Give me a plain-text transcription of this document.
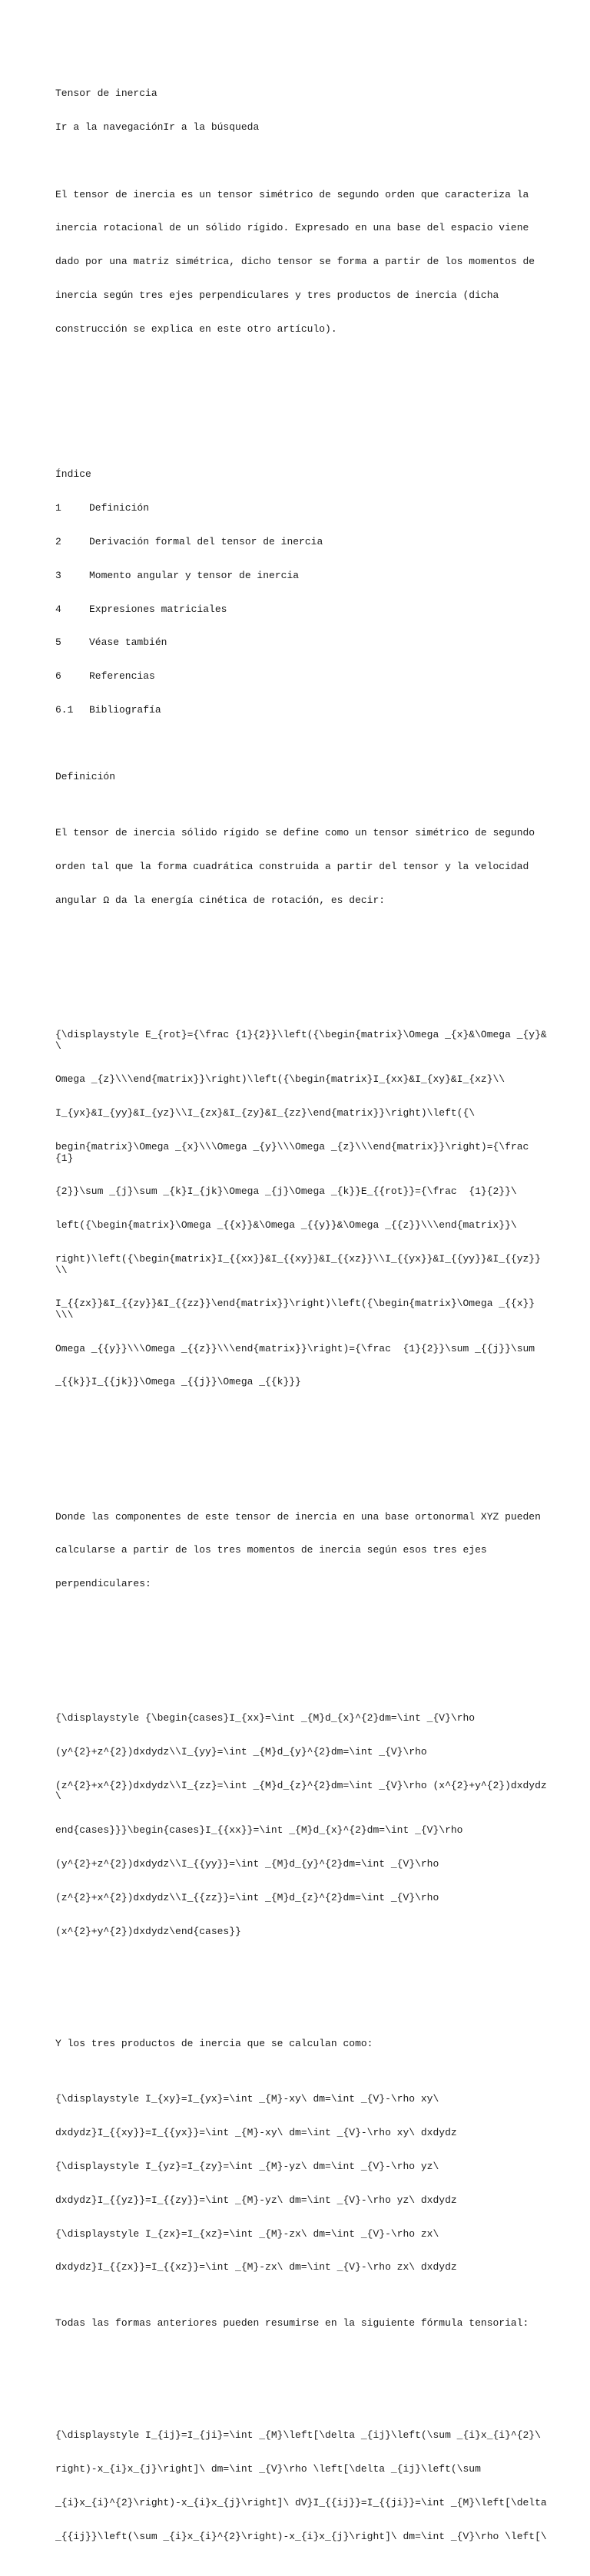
Tensor de inercia

Ir a la navegaciónIr a la búsqueda

El tensor de inercia es un tensor simétrico de segundo orden que caracteriza la

inercia rotacional de un sólido rígido. Expresado en una base del espacio viene

dado por una matriz simétrica, dicho tensor se forma a partir de los momentos de

inercia según tres ejes perpendiculares y tres productos de inercia (dicha

construcción se explica en este otro artículo).

Índice

1	Definición

2	Derivación formal del tensor de inercia

3	Momento angular y tensor de inercia

4	Expresiones matriciales

5	Véase también

6	Referencias

6.1 Bibliografía

Definición

El tensor de inercia sólido rígido se define como un tensor simétrico de segundo

orden tal que la forma cuadrática construida a partir del tensor y la velocidad

angular Ω da la energía cinética de rotación, es decir:

{\displaystyle E_{rot}={\frac {1}{2}}\left({\begin{matrix}\Omega _{x}&\Omega _{y}&\

Omega _{z}\\\end{matrix}}\right)\left({\begin{matrix}I_{xx}&I_{xy}&I_{xz}\\

I_{yx}&I_{yy}&I_{yz}\\I_{zx}&I_{zy}&I_{zz}\end{matrix}}\right)\left({\

begin{matrix}\Omega _{x}\\\Omega _{y}\\\Omega _{z}\\\end{matrix}}\right)={\frac {1}

{2}}\sum _{j}\sum _{k}I_{jk}\Omega _{j}\Omega _{k}}E_{{rot}}={\frac  {1}{2}}\

left({\begin{matrix}\Omega _{{x}}&\Omega _{{y}}&\Omega _{{z}}\\\end{matrix}}\

right)\left({\begin{matrix}I_{{xx}}&I_{{xy}}&I_{{xz}}\\I_{{yx}}&I_{{yy}}&I_{{yz}}\\

I_{{zx}}&I_{{zy}}&I_{{zz}}\end{matrix}}\right)\left({\begin{matrix}\Omega _{{x}}\\\

Omega _{{y}}\\\Omega _{{z}}\\\end{matrix}}\right)={\frac  {1}{2}}\sum _{{j}}\sum

_{{k}}I_{{jk}}\Omega _{{j}}\Omega _{{k}}}

Donde las componentes de este tensor de inercia en una base ortonormal XYZ pueden

calcularse a partir de los tres momentos de inercia según esos tres ejes

perpendiculares:

{\displaystyle {\begin{cases}I_{xx}=\int _{M}d_{x}^{2}dm=\int _{V}\rho

(y^{2}+z^{2})dxdydz\\I_{yy}=\int _{M}d_{y}^{2}dm=\int _{V}\rho

(z^{2}+x^{2})dxdydz\\I_{zz}=\int _{M}d_{z}^{2}dm=\int _{V}\rho (x^{2}+y^{2})dxdydz\

end{cases}}}\begin{cases}I_{{xx}}=\int _{M}d_{x}^{2}dm=\int _{V}\rho

(y^{2}+z^{2})dxdydz\\I_{{yy}}=\int _{M}d_{y}^{2}dm=\int _{V}\rho

(z^{2}+x^{2})dxdydz\\I_{{zz}}=\int _{M}d_{z}^{2}dm=\int _{V}\rho

(x^{2}+y^{2})dxdydz\end{cases}}

Y los tres productos de inercia que se calculan como:

{\displaystyle I_{xy}=I_{yx}=\int _{M}-xy\ dm=\int _{V}-\rho xy\

dxdydz}I_{{xy}}=I_{{yx}}=\int _{M}-xy\ dm=\int _{V}-\rho xy\ dxdydz

{\displaystyle I_{yz}=I_{zy}=\int _{M}-yz\ dm=\int _{V}-\rho yz\

dxdydz}I_{{yz}}=I_{{zy}}=\int _{M}-yz\ dm=\int _{V}-\rho yz\ dxdydz

{\displaystyle I_{zx}=I_{xz}=\int _{M}-zx\ dm=\int _{V}-\rho zx\

dxdydz}I_{{zx}}=I_{{xz}}=\int _{M}-zx\ dm=\int _{V}-\rho zx\ dxdydz

Todas las formas anteriores pueden resumirse en la siguiente fórmula tensorial:

{\displaystyle I_{ij}=I_{ji}=\int _{M}\left[\delta _{ij}\left(\sum _{i}x_{i}^{2}\

right)-x_{i}x_{j}\right]\ dm=\int _{V}\rho \left[\delta _{ij}\left(\sum

_{i}x_{i}^{2}\right)-x_{i}x_{j}\right]\ dV}I_{{ij}}=I_{{ji}}=\int _{M}\left[\delta

_{{ij}}\left(\sum _{i}x_{i}^{2}\right)-x_{i}x_{j}\right]\ dm=\int _{V}\rho \left[\
